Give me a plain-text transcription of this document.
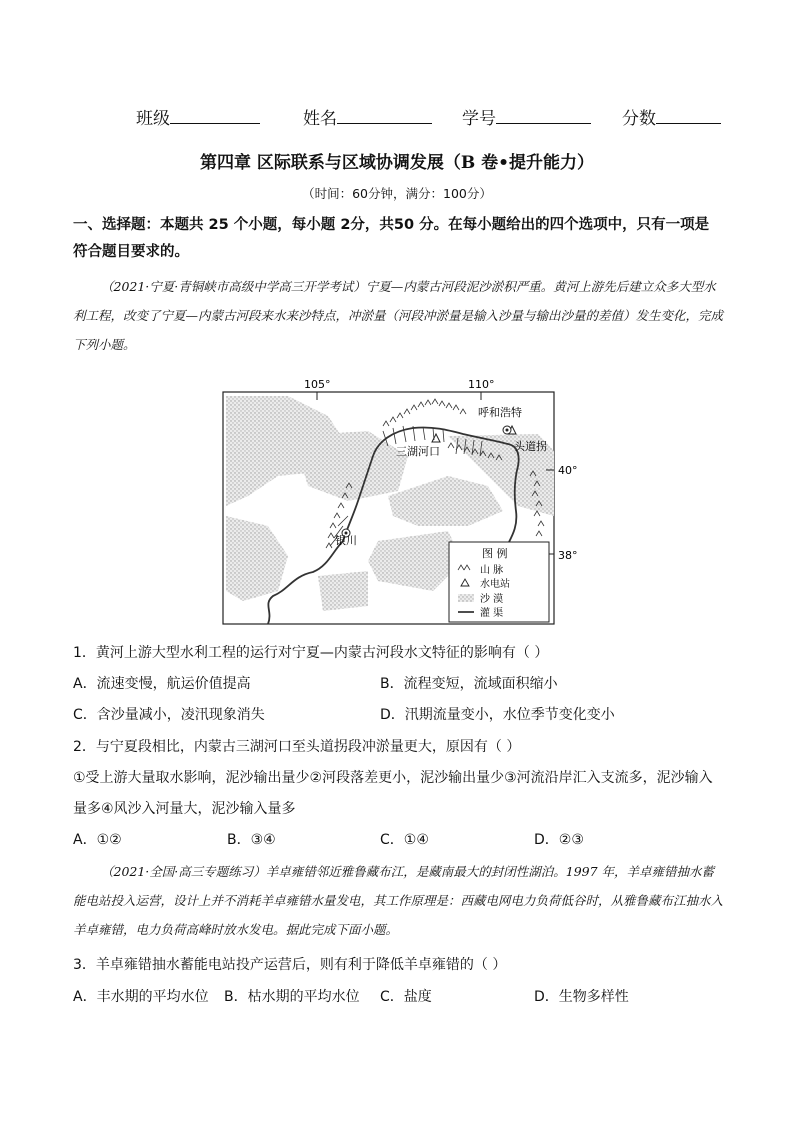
班级	姓名	学号	分数
第四章 区际联系与区域协调发展（B 卷•提升能力）
（时间：60分钟，满分：100分）
一、选择题：本题共 25 个小题，每小题 2分，共50 分。在每小题给出的四个选项中，只有一项是符合题目要求的。
（2021·宁夏·青铜峡市高级中学高三开学考试）宁夏—内蒙古河段泥沙淤积严重。黄河上游先后建立众多大型水利工程，改变了宁夏—内蒙古河段来水来沙特点，冲淤量（河段冲淤量是输入沙量与输出沙量的差值）发生变化，完成下列小题。
105°	110°
40°
38°
呼和浩特
头道拐
三湖河口
银川
图 例
山 脉
水电站
沙 漠
灌 渠
1．黄河上游大型水利工程的运行对宁夏—内蒙古河段水文特征的影响有（ ）
A．流速变慢，航运价值提高	B．流程变短，流域面积缩小
C．含沙量减小，凌汛现象消失	D．汛期流量变小，水位季节变化变小
2．与宁夏段相比，内蒙古三湖河口至头道拐段冲淤量更大，原因有（ ）
①受上游大量取水影响，泥沙输出量少②河段落差更小，泥沙输出量少③河流沿岸汇入支流多，泥沙输入
量多④风沙入河量大，泥沙输入量多
A．①②	B．③④	C．①④	D．②③
（2021·全国·高三专题练习）羊卓雍错邻近雅鲁藏布江，是藏南最大的封闭性湖泊。1997 年，羊卓雍错抽水蓄能电站投入运营，设计上并不消耗羊卓雍错水量发电，其工作原理是：西藏电网电力负荷低谷时，从雅鲁藏布江抽水入羊卓雍错，电力负荷高峰时放水发电。据此完成下面小题。
3．羊卓雍错抽水蓄能电站投产运营后，则有利于降低羊卓雍错的（ ）
A．丰水期的平均水位 B．枯水期的平均水位 C．盐度	D．生物多样性
